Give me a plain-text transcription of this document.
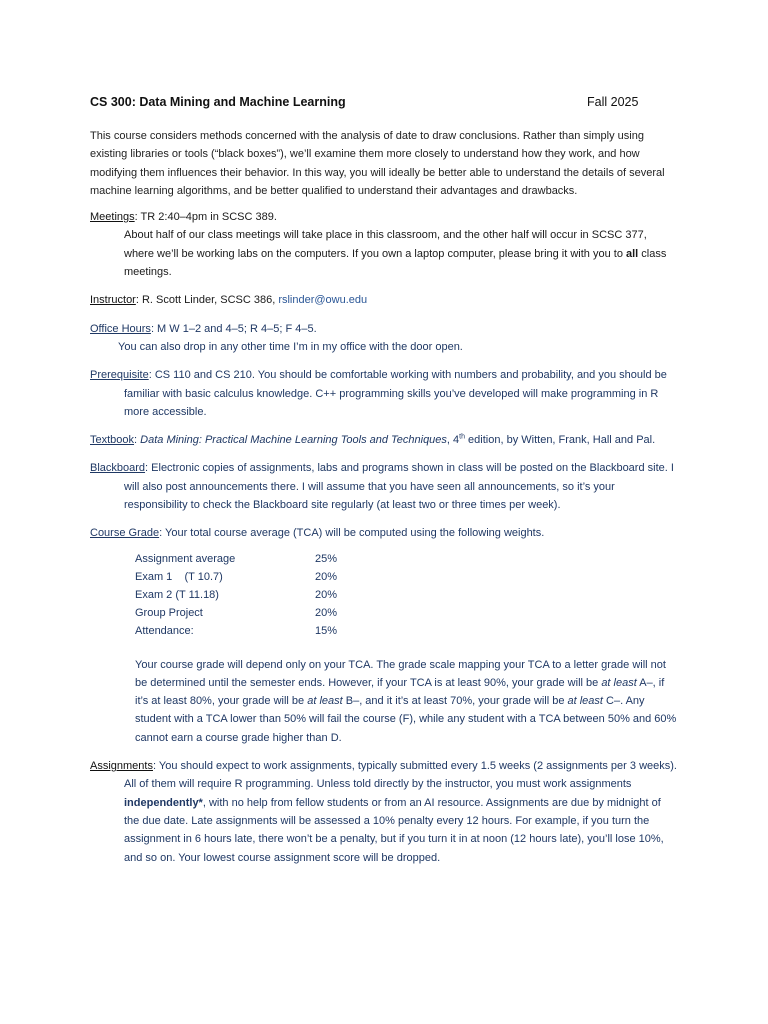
CS 300: Data Mining and Machine Learning	Fall 2025

This course considers methods concerned with the analysis of date to draw conclusions. Rather than simply using existing libraries or tools (“black boxes”), we’ll examine them more closely to understand how they work, and how modifying them influences their behavior. In this way, you will ideally be better able to understand the details of several machine learning algorithms, and be better qualified to understand their advantages and drawbacks.

Meetings: TR 2:40–4pm in SCSC 389.

About half of our class meetings will take place in this classroom, and the other half will occur in SCSC 377, where we’ll be working labs on the computers. If you own a laptop computer, please bring it with you to all class meetings.

Instructor: R. Scott Linder, SCSC 386, rslinder@owu.edu

Office Hours: M W 1–2 and 4–5; R 4–5; F 4–5.

You can also drop in any other time I’m in my office with the door open.

Prerequisite: CS 110 and CS 210. You should be comfortable working with numbers and probability, and you should be familiar with basic calculus knowledge. C++ programming skills you’ve developed will make programming in R more accessible.

Textbook: Data Mining: Practical Machine Learning Tools and Techniques, 4th edition, by Witten, Frank, Hall and Pal.

Blackboard: Electronic copies of assignments, labs and programs shown in class will be posted on the Blackboard site. I will also post announcements there. I will assume that you have seen all announcements, so it’s your responsibility to check the Blackboard site regularly (at least two or three times per week).

Course Grade: Your total course average (TCA) will be computed using the following weights.

Assignment average	25%
Exam 1    (T 10.7)	20%
Exam 2 (T 11.18)	20%
Group Project	20%
Attendance:	15%

Your course grade will depend only on your TCA. The grade scale mapping your TCA to a letter grade will not be determined until the semester ends. However, if your TCA is at least 90%, your grade will be at least A–, if it’s at least 80%, your grade will be at least B–, and it it’s at least 70%, your grade will be at least C–. Any student with a TCA lower than 50% will fail the course (F), while any student with a TCA between 50% and 60% cannot earn a course grade higher than D.

Assignments: You should expect to work assignments, typically submitted every 1.5 weeks (2 assignments per 3 weeks). All of them will require R programming. Unless told directly by the instructor, you must work assignments independently*, with no help from fellow students or from an AI resource. Assignments are due by midnight of the due date. Late assignments will be assessed a 10% penalty every 12 hours. For example, if you turn the assignment in 6 hours late, there won’t be a penalty, but if you turn it in at noon (12 hours late), you’ll lose 10%, and so on. Your lowest course assignment score will be dropped.
